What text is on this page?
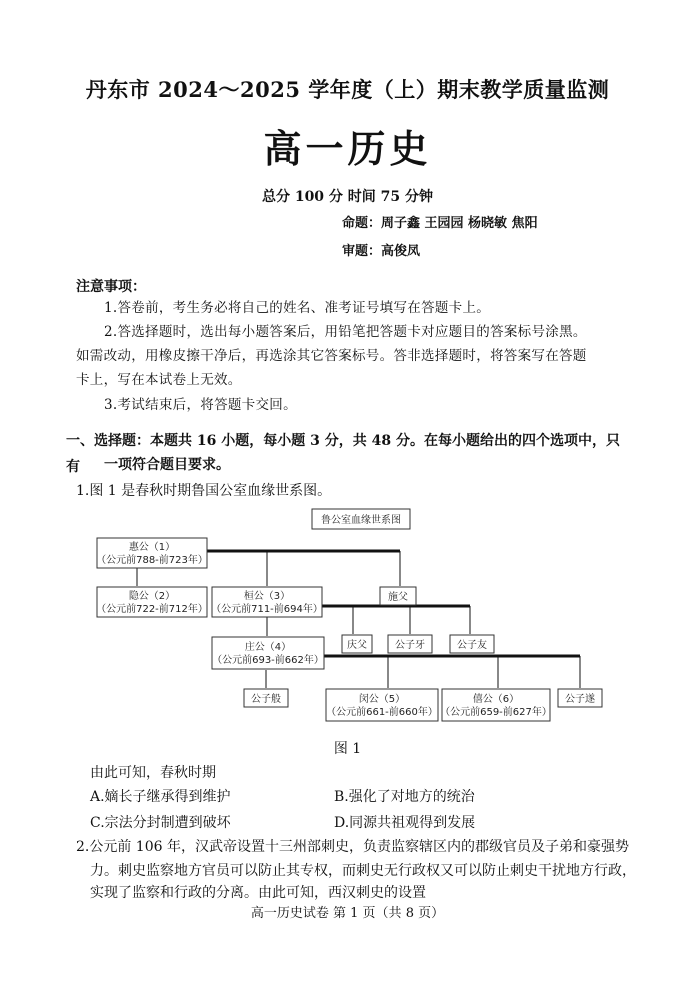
丹东市 2024～2025 学年度（上）期末教学质量监测
高一历史
总分 100 分 时间 75 分钟
命题：周子鑫 王园园 杨晓敏 焦阳
审题：高俊凤
注意事项：
1.答卷前，考生务必将自己的姓名、准考证号填写在答题卡上。
2.答选择题时，选出每小题答案后，用铅笔把答题卡对应题目的答案标号涂黑。
如需改动，用橡皮擦干净后，再选涂其它答案标号。答非选择题时，将答案写在答题
卡上，写在本试卷上无效。
3.考试结束后，将答题卡交回。
一、选择题：本题共 16 小题，每小题 3 分，共 48 分。在每小题给出的四个选项中，只有	一项符合题目要求。
1.图 1 是春秋时期鲁国公室血缘世系图。
鲁公室血缘世系图
惠公（1）
（公元前788-前723年）
隐公（2）
（公元前722-前712年）
桓公（3）
（公元前711-前694年）
施父
庄公（4）
（公元前693-前662年）
庆父	公子牙	公子友
公子般	闵公（5）
（公元前661-前660年）
僖公（6）
（公元前659-前627年）
公子遂
图 1
由此可知，春秋时期
A.嫡长子继承得到维护	B.强化了对地方的统治
C.宗法分封制遭到破坏	D.同源共祖观得到发展
2.公元前 106 年，汉武帝设置十三州部刺史，负责监察辖区内的郡级官员及子弟和豪强势
力。刺史监察地方官员可以防止其专权，而刺史无行政权又可以防止刺史干扰地方行政，
实现了监察和行政的分离。由此可知，西汉刺史的设置
高一历史试卷 第 1 页（共 8 页）
